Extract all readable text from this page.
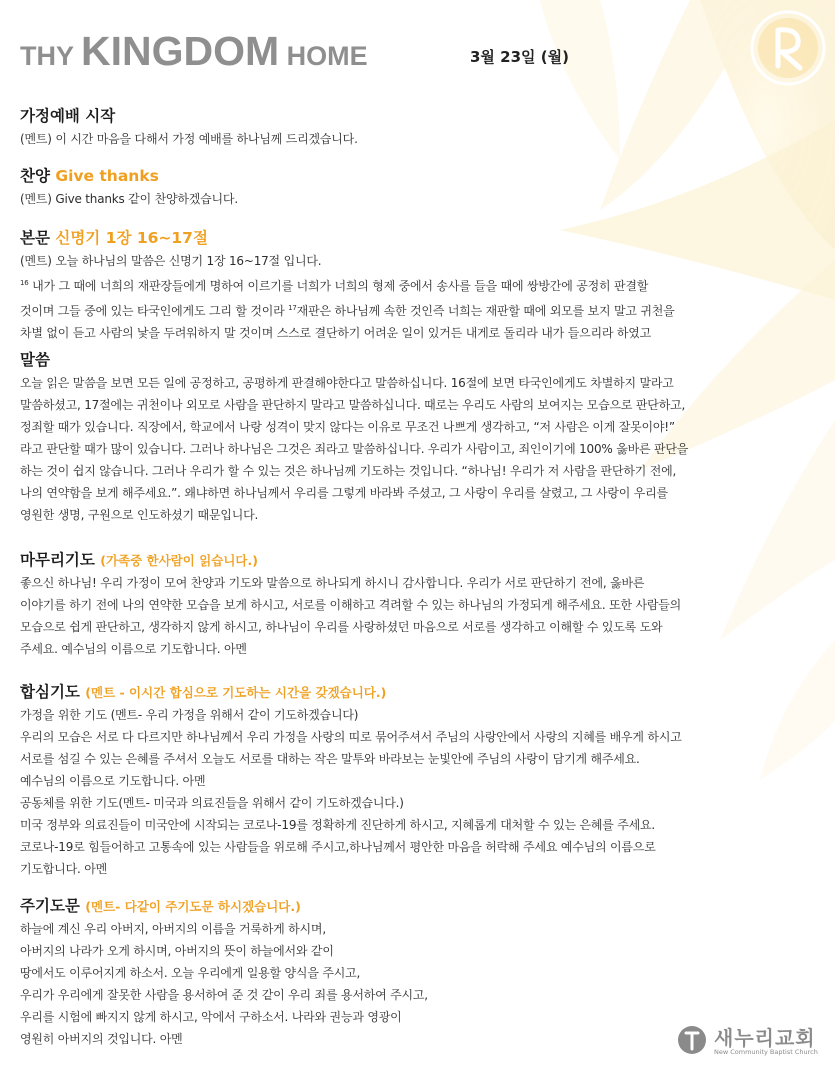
THY KINGDOM HOME	3월 23일 (월)
가정예배 시작
(멘트) 이 시간 마음을 다해서 가정 예배를 하나님께 드리겠습니다.
찬양 Give thanks
(멘트) Give thanks 같이 찬양하겠습니다.
본문 신명기 1장 16~17절
(멘트) 오늘 하나님의 말씀은 신명기 1장 16~17절 입니다.
$^{16}$ 내가 그 때에 너희의 재판장들에게 명하여 이르기를 너희가 너희의 형제 중에서 송사를 들을 때에 쌍방간에 공정히 판결할
것이며 그들 중에 있는 타국인에게도 그리 할 것이라 $^{17}$재판은 하나님께 속한 것인즉 너희는 재판할 때에 외모를 보지 말고 귀천을
차별 없이 듣고 사람의 낯을 두려워하지 말 것이며 스스로 결단하기 어려운 일이 있거든 내게로 돌리라 내가 들으리라 하였고
말씀
오늘 읽은 말씀을 보면 모든 일에 공정하고, 공평하게 판결해야한다고 말씀하십니다. 16절에 보면 타국인에게도 차별하지 말라고
말씀하셨고, 17절에는 귀천이나 외모로 사람을 판단하지 말라고 말씀하십니다. 때로는 우리도 사람의 보여지는 모습으로 판단하고,
정죄할 때가 있습니다. 직장에서, 학교에서 나랑 성격이 맞지 않다는 이유로 무조건 나쁘게 생각하고, “저 사람은 이게 잘못이야!”
라고 판단할 때가 많이 있습니다. 그러나 하나님은 그것은 죄라고 말씀하십니다. 우리가 사람이고, 죄인이기에 100% 옳바른 판단을
하는 것이 쉽지 않습니다. 그러나 우리가 할 수 있는 것은 하나님께 기도하는 것입니다. “하나님! 우리가 저 사람을 판단하기 전에,
나의 연약함을 보게 해주세요.”. 왜냐하면 하나님께서 우리를 그렇게 바라봐 주셨고, 그 사랑이 우리를 살렸고, 그 사랑이 우리를
영원한 생명, 구원으로 인도하셨기 때문입니다.
마무리기도 (가족중 한사람이 읽습니다.)
좋으신 하나님! 우리 가정이 모여 찬양과 기도와 말씀으로 하나되게 하시니 감사합니다. 우리가 서로 판단하기 전에, 옳바른
이야기를 하기 전에 나의 연약한 모습을 보게 하시고, 서로를 이해하고 격려할 수 있는 하나님의 가정되게 해주세요. 또한 사람들의
모습으로 쉽게 판단하고, 생각하지 않게 하시고, 하나님이 우리를 사랑하셨던 마음으로 서로를 생각하고 이해할 수 있도록 도와
주세요. 예수님의 이름으로 기도합니다. 아멘
합심기도 (멘트 - 이시간 합심으로 기도하는 시간을 갖겠습니다.)
가정을 위한 기도 (멘트- 우리 가정을 위해서 같이 기도하겠습니다)
우리의 모습은 서로 다 다르지만 하나님께서 우리 가정을 사랑의 띠로 묶어주셔서 주님의 사랑안에서 사랑의 지혜를 배우게 하시고
서로를 섬길 수 있는 은혜를 주셔서 오늘도 서로를 대하는 작은 말투와 바라보는 눈빛안에 주님의 사랑이 담기게 해주세요.
예수님의 이름으로 기도합니다. 아멘
공동체를 위한 기도(멘트- 미국과 의료진들을 위해서 같이 기도하겠습니다.)
미국 정부와 의료진들이 미국안에 시작되는 코로나-19를 정확하게 진단하게 하시고, 지혜롭게 대처할 수 있는 은혜를 주세요.
코로나-19로 힘들어하고 고통속에 있는 사람들을 위로해 주시고,하나님께서 평안한 마음을 허락해 주세요 예수님의 이름으로
기도합니다. 아멘
주기도문 (멘트- 다같이 주기도문 하시겠습니다.)
하늘에 계신 우리 아버지, 아버지의 이름을 거룩하게 하시며,
아버지의 나라가 오게 하시며, 아버지의 뜻이 하늘에서와 같이
땅에서도 이루어지게 하소서. 오늘 우리에게 일용할 양식을 주시고,
우리가 우리에게 잘못한 사람을 용서하여 준 것 같이 우리 죄를 용서하여 주시고,
우리를 시험에 빠지지 않게 하시고, 악에서 구하소서. 나라와 권능과 영광이
영원히 아버지의 것입니다. 아멘	새누리교회
New Community Baptist Church
